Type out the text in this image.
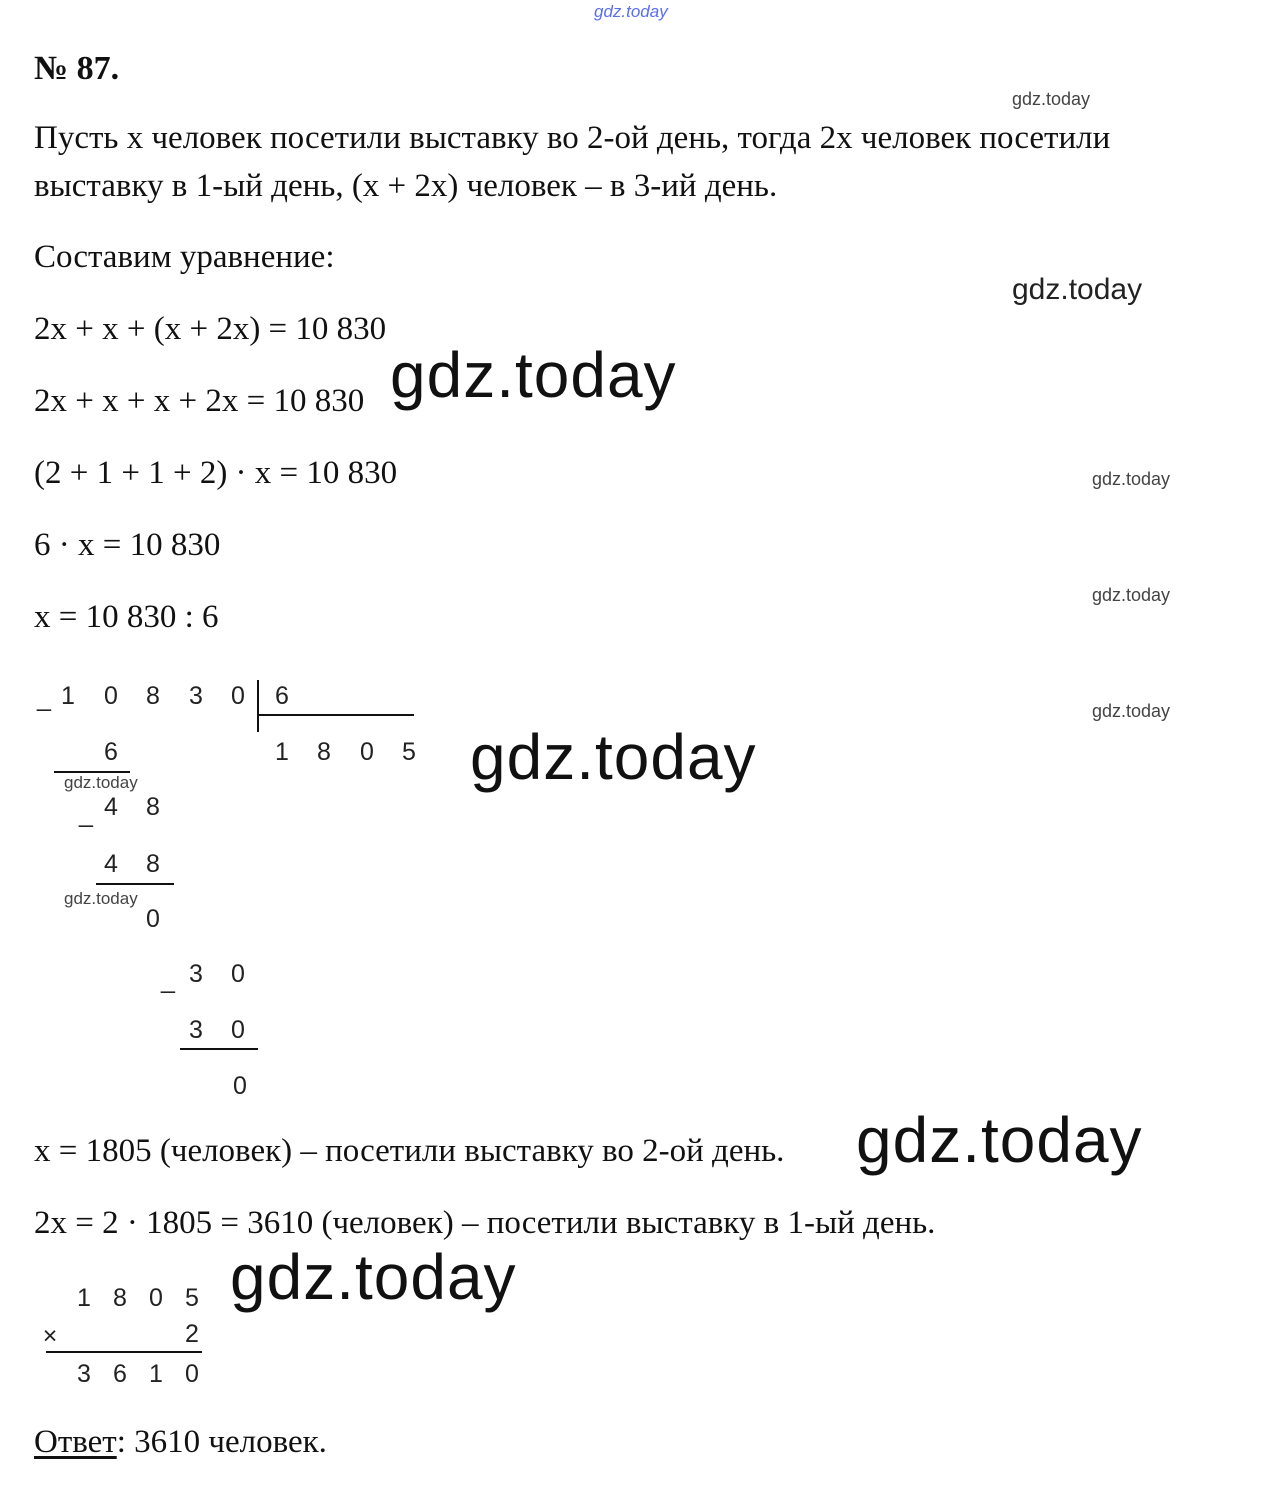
gdz.today
№ 87.
gdz.today
Пусть x человек посетили выставку во 2-ой день, тогда 2x человек посетили
выставку в 1-ый день, (x + 2x) человек – в 3-ий день.
Составим уравнение:
gdz.today
2x + x + (x + 2x) = 10 830
2x + x + x + 2x = 10 830 gdz.today
(2 + 1 + 1 + 2) · x = 10 830	gdz.today
6 · x = 10 830
gdz.today
x = 10 830 : 6
_ 1 0 8 3 0 6
1 8 0 5
6
4 8
_
4 8
0
3 0
_
3 0
0
gdz.today
gdz.today
gdz.today
gdz.today
x = 1805 (человек) – посетили выставку во 2-ой день. gdz.today
2x = 2 · 1805 = 3610 (человек) – посетили выставку в 1-ый день.
gdz.today
1 8 0 5
×	2
3 6 1 0
Ответ: 3610 человек.
